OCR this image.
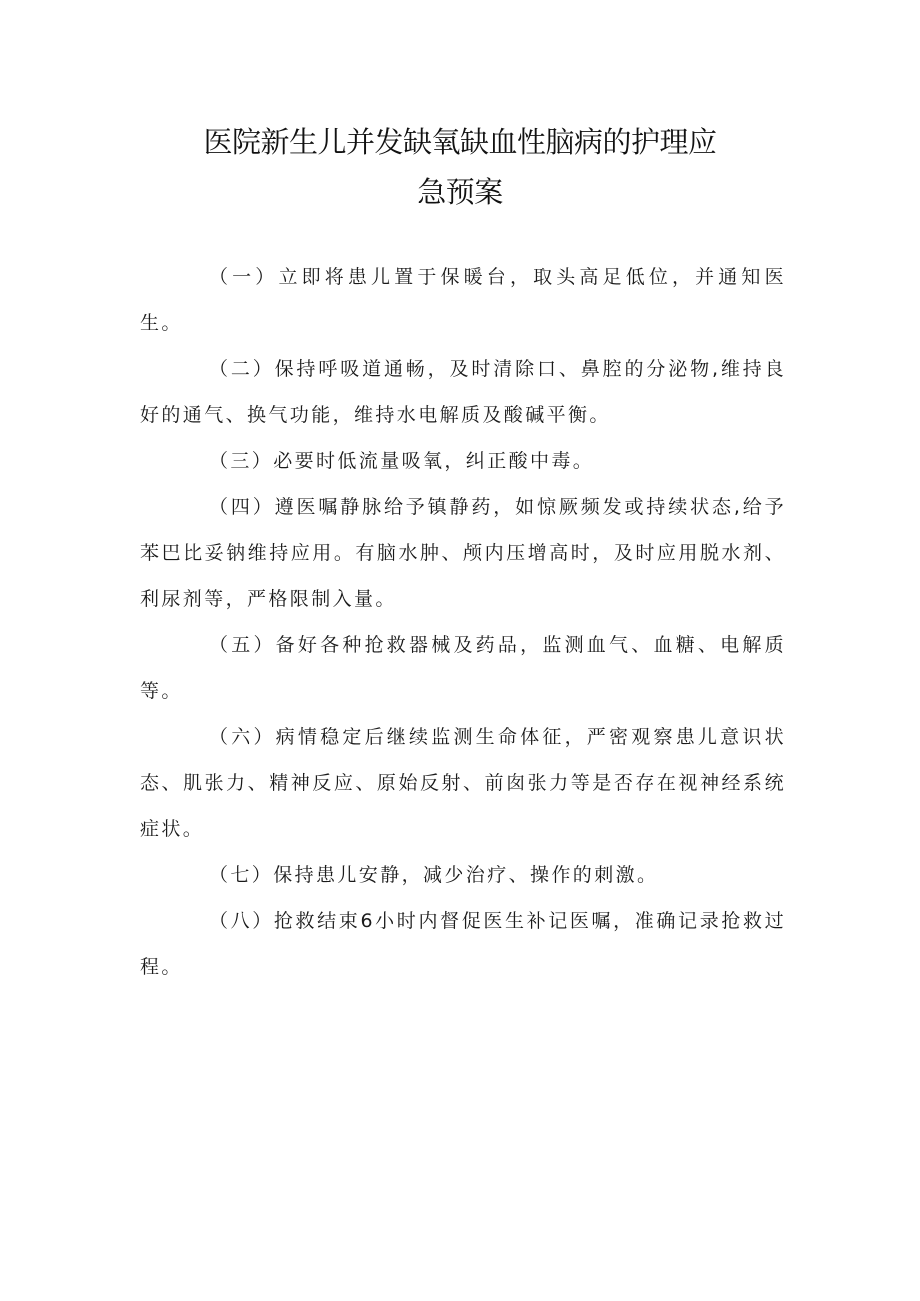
医院新生儿并发缺氧缺血性脑病的护理应
急预案

（一）立即将患儿置于保暖台，取头高足低位，并通知医生。

（二）保持呼吸道通畅，及时清除口、鼻腔的分泌物,维持良好的通气、换气功能，维持水电解质及酸碱平衡。

（三）必要时低流量吸氧，纠正酸中毒。

（四）遵医嘱静脉给予镇静药，如惊厥频发或持续状态,给予苯巴比妥钠维持应用。有脑水肿、颅内压增高时，及时应用脱水剂、利尿剂等，严格限制入量。

（五）备好各种抢救器械及药品，监测血气、血糖、电解质等。

（六）病情稳定后继续监测生命体征，严密观察患儿意识状态、肌张力、精神反应、原始反射、前囱张力等是否存在视神经系统症状。

（七）保持患儿安静，减少治疗、操作的刺激。

（八）抢救结束6小时内督促医生补记医嘱，准确记录抢救过程。
